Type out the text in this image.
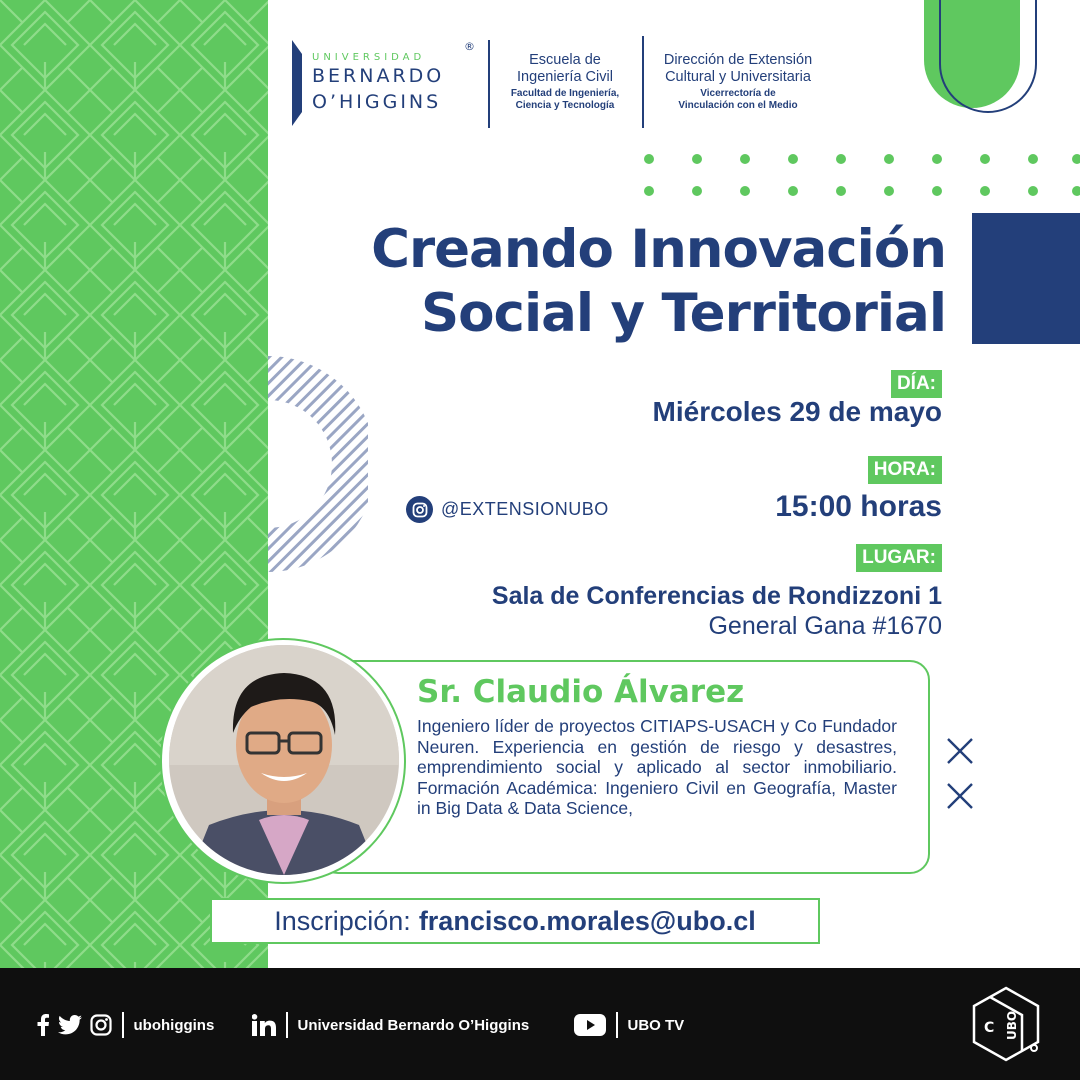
UNIVERSIDAD
®
BERNARDO
O’HIGGINS
Escuela de
Ingeniería Civil
Facultad de Ingeniería,
Ciencia y Tecnología
Dirección de Extensión
Cultural y Universitaria
Vicerrectoría de
Vinculación con el Medio
Creando Innovación
Social y Territorial
DÍA:
Miércoles 29 de mayo
HORA:
15:00 horas
@EXTENSIONUBO
LUGAR:
Sala de Conferencias de Rondizzoni 1
General Gana #1670
Sr. Claudio Álvarez
Ingeniero líder de proyectos CITIAPS-USACH y Co Fundador Neuren. Experiencia en gestión de riesgo y desastres, emprendimiento social y aplicado al sector inmobiliario. Formación Académica: Ingeniero Civil en Geografía, Master in Big Data & Data Science,
Inscripción: francisco.morales@ubo.cl
ubohiggins	Universidad Bernardo O’Higgins	UBO TV	C UBO
